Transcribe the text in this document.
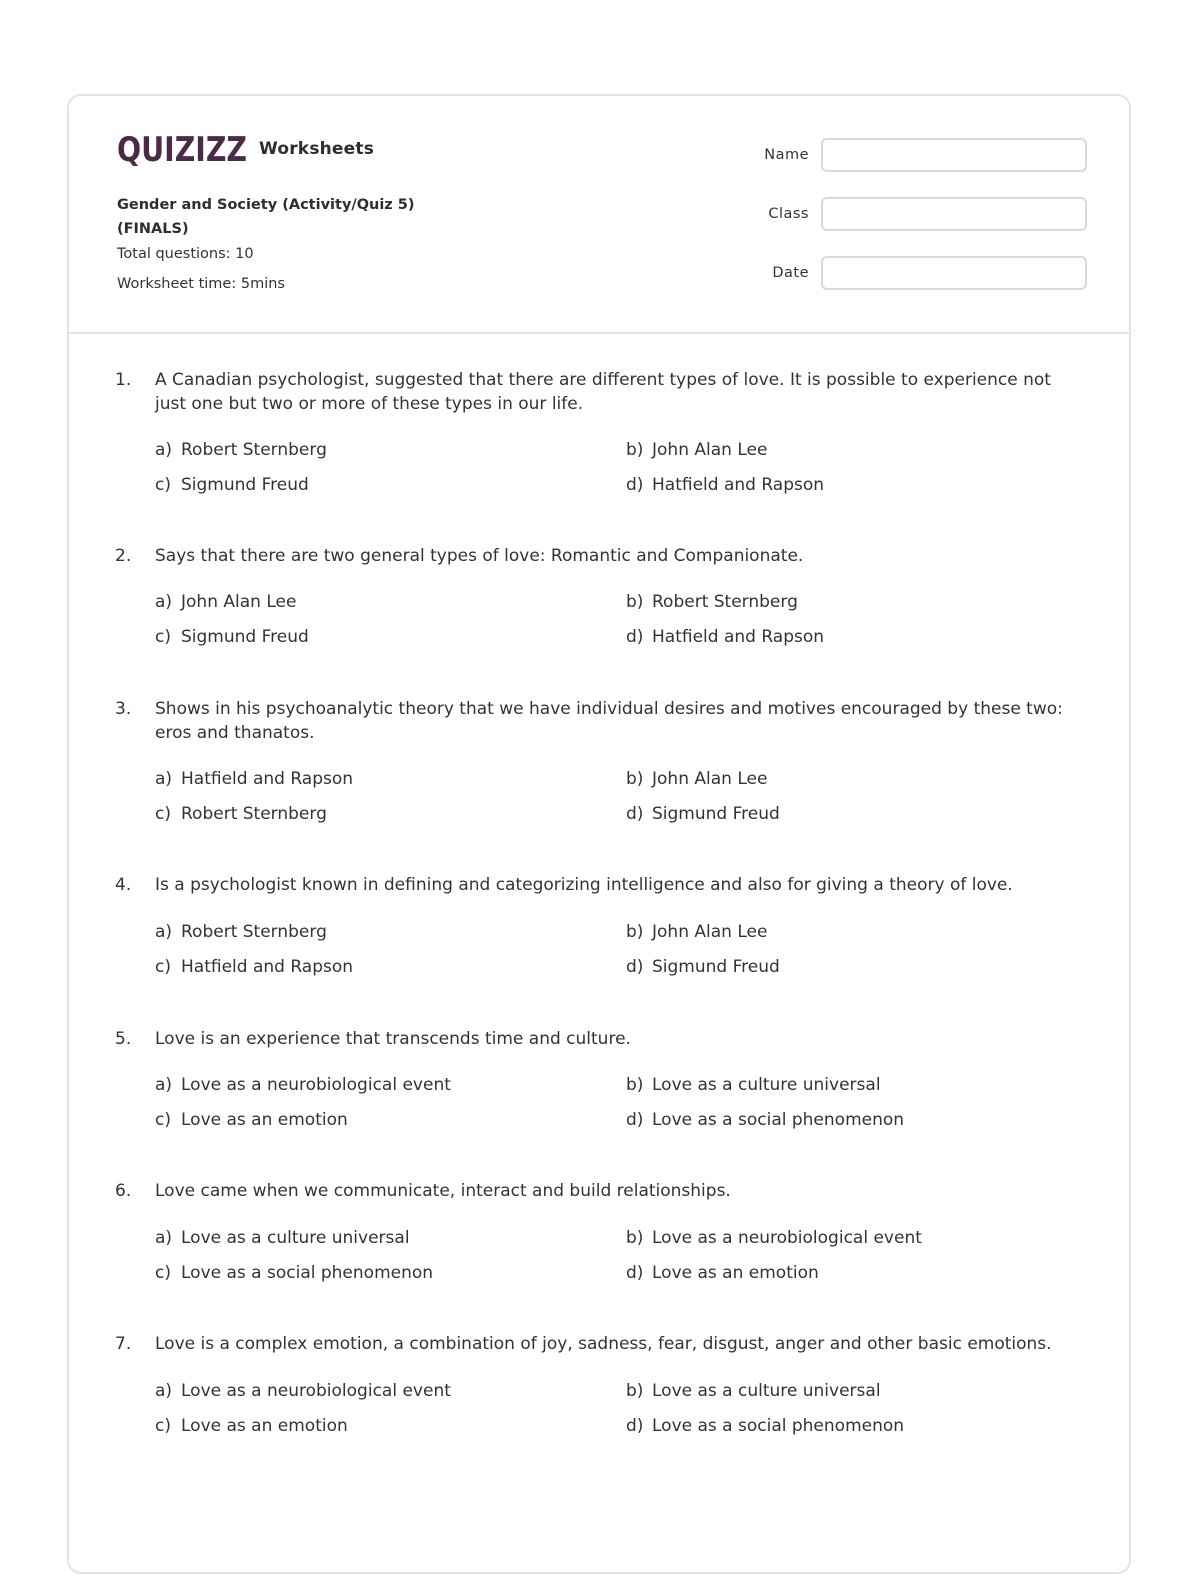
QUIZIZZ Worksheets
Gender and Society (Activity/Quiz 5)
(FINALS)
Total questions: 10
Worksheet time: 5mins
Name
Class
Date
1. A Canadian psychologist, suggested that there are different types of love. It is possible to experience not just one but two or more of these types in our life.
a) Robert Sternberg	b) John Alan Lee
c) Sigmund Freud	d) Hatfield and Rapson
2. Says that there are two general types of love: Romantic and Companionate.
a) John Alan Lee	b) Robert Sternberg
c) Sigmund Freud	d) Hatfield and Rapson
3. Shows in his psychoanalytic theory that we have individual desires and motives encouraged by these two: eros and thanatos.
a) Hatfield and Rapson	b) John Alan Lee
c) Robert Sternberg	d) Sigmund Freud
4. Is a psychologist known in defining and categorizing intelligence and also for giving a theory of love.
a) Robert Sternberg	b) John Alan Lee
c) Hatfield and Rapson	d) Sigmund Freud
5. Love is an experience that transcends time and culture.
a) Love as a neurobiological event	b) Love as a culture universal
c) Love as an emotion	d) Love as a social phenomenon
6. Love came when we communicate, interact and build relationships.
a) Love as a culture universal	b) Love as a neurobiological event
c) Love as a social phenomenon	d) Love as an emotion
7. Love is a complex emotion, a combination of joy, sadness, fear, disgust, anger and other basic emotions.
a) Love as a neurobiological event	b) Love as a culture universal
c) Love as an emotion	d) Love as a social phenomenon
